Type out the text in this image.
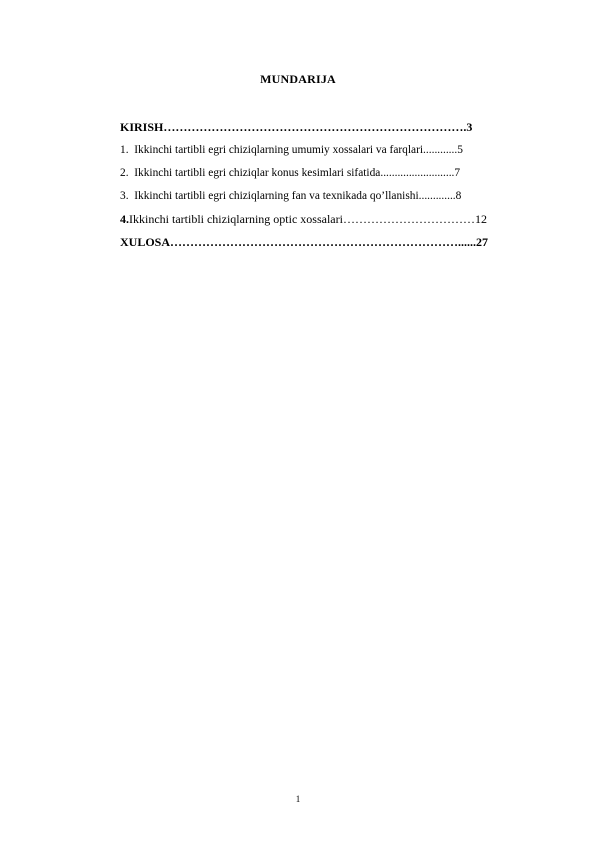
MUNDARIJA
KIRISH………………………………………………………………….3
1. Ikkinchi tartibli egri chiziqlarning umumiy xossalari va farqlari............5
2. Ikkinchi tartibli egri chiziqlar konus kesimlari sifatida..........................7
3. Ikkinchi tartibli egri chiziqlarning fan va texnikada qo’llanishi.............8
4.Ikkinchi tartibli chiziqlarning optic xossalari……………………………12
XULOSA………………………………………………………………......27
1
